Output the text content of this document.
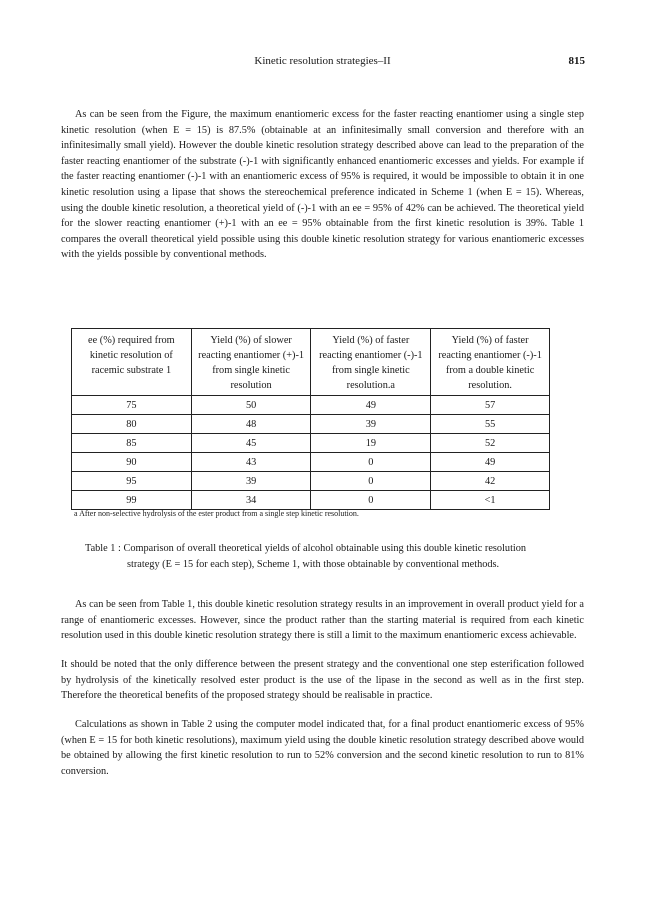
Kinetic resolution strategies–II	815

As can be seen from the Figure, the maximum enantiomeric excess for the faster reacting enantiomer using a single step kinetic resolution (when E = 15) is 87.5% (obtainable at an infinitesimally small conversion and therefore with an infinitesimally small yield). However the double kinetic resolution strategy described above can lead to the preparation of the faster reacting enantiomer of the substrate (-)-1 with significantly enhanced enantiomeric excesses and yields. For example if the faster reacting enantiomer (-)-1 with an enantiomeric excess of 95% is required, it would be impossible to obtain it in one kinetic resolution using a lipase that shows the stereochemical preference indicated in Scheme 1 (when E = 15). Whereas, using the double kinetic resolution, a theoretical yield of (-)-1 with an ee = 95% of 42% can be achieved. The theoretical yield for the slower reacting enantiomer (+)-1 with an ee = 95% obtainable from the first kinetic resolution is 39%. Table 1 compares the overall theoretical yield possible using this double kinetic resolution strategy for various enantiomeric excesses with the yields possible by conventional methods.

ee (%) required from kinetic resolution of racemic substrate 1	Yield (%) of slower reacting enantiomer (+)-1 from single kinetic resolution	Yield (%) of faster reacting enantiomer (-)-1 from single kinetic resolution.a	Yield (%) of faster reacting enantiomer (-)-1 from a double kinetic resolution.
75	50	49	57
80	48	39	55
85	45	19	52
90	43	0	49
95	39	0	42
99	34	0	<1
a After non-selective hydrolysis of the ester product from a single step kinetic resolution.
Table 1 : Comparison of overall theoretical yields of alcohol obtainable using this double kinetic resolution
strategy (E = 15 for each step), Scheme 1, with those obtainable by conventional methods.

As can be seen from Table 1, this double kinetic resolution strategy results in an improvement in overall product yield for a range of enantiomeric excesses. However, since the product rather than the starting material is required from each kinetic resolution used in this double kinetic resolution strategy there is still a limit to the maximum enantiomeric excess achievable.

It should be noted that the only difference between the present strategy and the conventional one step esterification followed by hydrolysis of the kinetically resolved ester product is the use of the lipase in the second as well as in the first step. Therefore the theoretical benefits of the proposed strategy should be realisable in practice.

Calculations as shown in Table 2 using the computer model indicated that, for a final product enantiomeric excess of 95% (when E = 15 for both kinetic resolutions), maximum yield using the double kinetic resolution strategy described above would be obtained by allowing the first kinetic resolution to run to 52% conversion and the second kinetic resolution to run to 81% conversion.
